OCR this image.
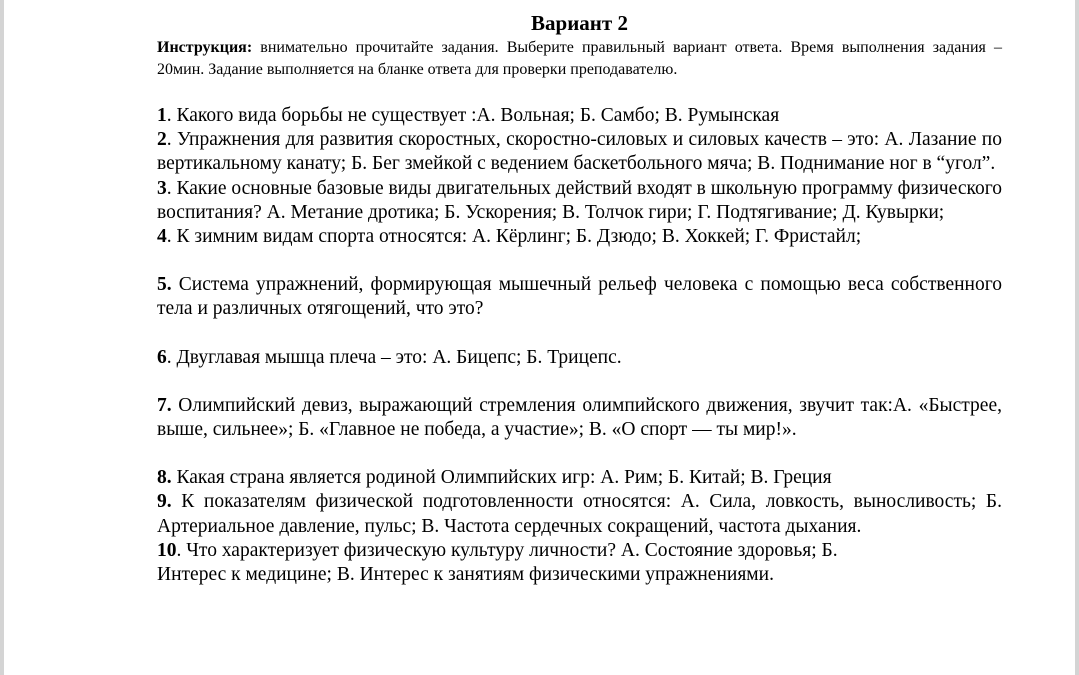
Вариант 2

Инструкция: внимательно прочитайте задания. Выберите правильный вариант ответа. Время выполнения задания – 20мин. Задание выполняется на бланке ответа для проверки преподавателю.

1. Какого вида борьбы не существует :А. Вольная; Б. Самбо; В. Румынская

2. Упражнения для развития скоростных, скоростно-силовых и силовых качеств – это: А. Лазание по вертикальному канату; Б. Бег змейкой с ведением баскетбольного мяча; В. Поднимание ног в “угол”.

3. Какие основные базовые виды двигательных действий входят в школьную программу физического воспитания? А. Метание дротика; Б. Ускорения; В. Толчок гири; Г. Подтягивание; Д. Кувырки;

4. К зимним видам спорта относятся: А. Кёрлинг; Б. Дзюдо; В. Хоккей; Г. Фристайл;

5. Система упражнений, формирующая мышечный рельеф человека с помощью веса собственного тела и различных отягощений, что это?

6. Двуглавая мышца плеча – это: А. Бицепс; Б. Трицепс.

7. Олимпийский девиз, выражающий стремления олимпийского движения, звучит так:А. «Быстрее, выше, сильнее»; Б. «Главное не победа, а участие»; В. «О спорт — ты мир!».

8. Какая страна является родиной Олимпийских игр: А. Рим; Б. Китай; В. Греция

9. К показателям физической подготовленности относятся: А. Сила, ловкость, выносливость; Б. Артериальное давление, пульс; В. Частота сердечных сокращений, частота дыхания.

10. Что характеризует физическую культуру личности? А. Состояние здоровья; Б.

Интерес к медицине; В. Интерес к занятиям физическими упражнениями.
